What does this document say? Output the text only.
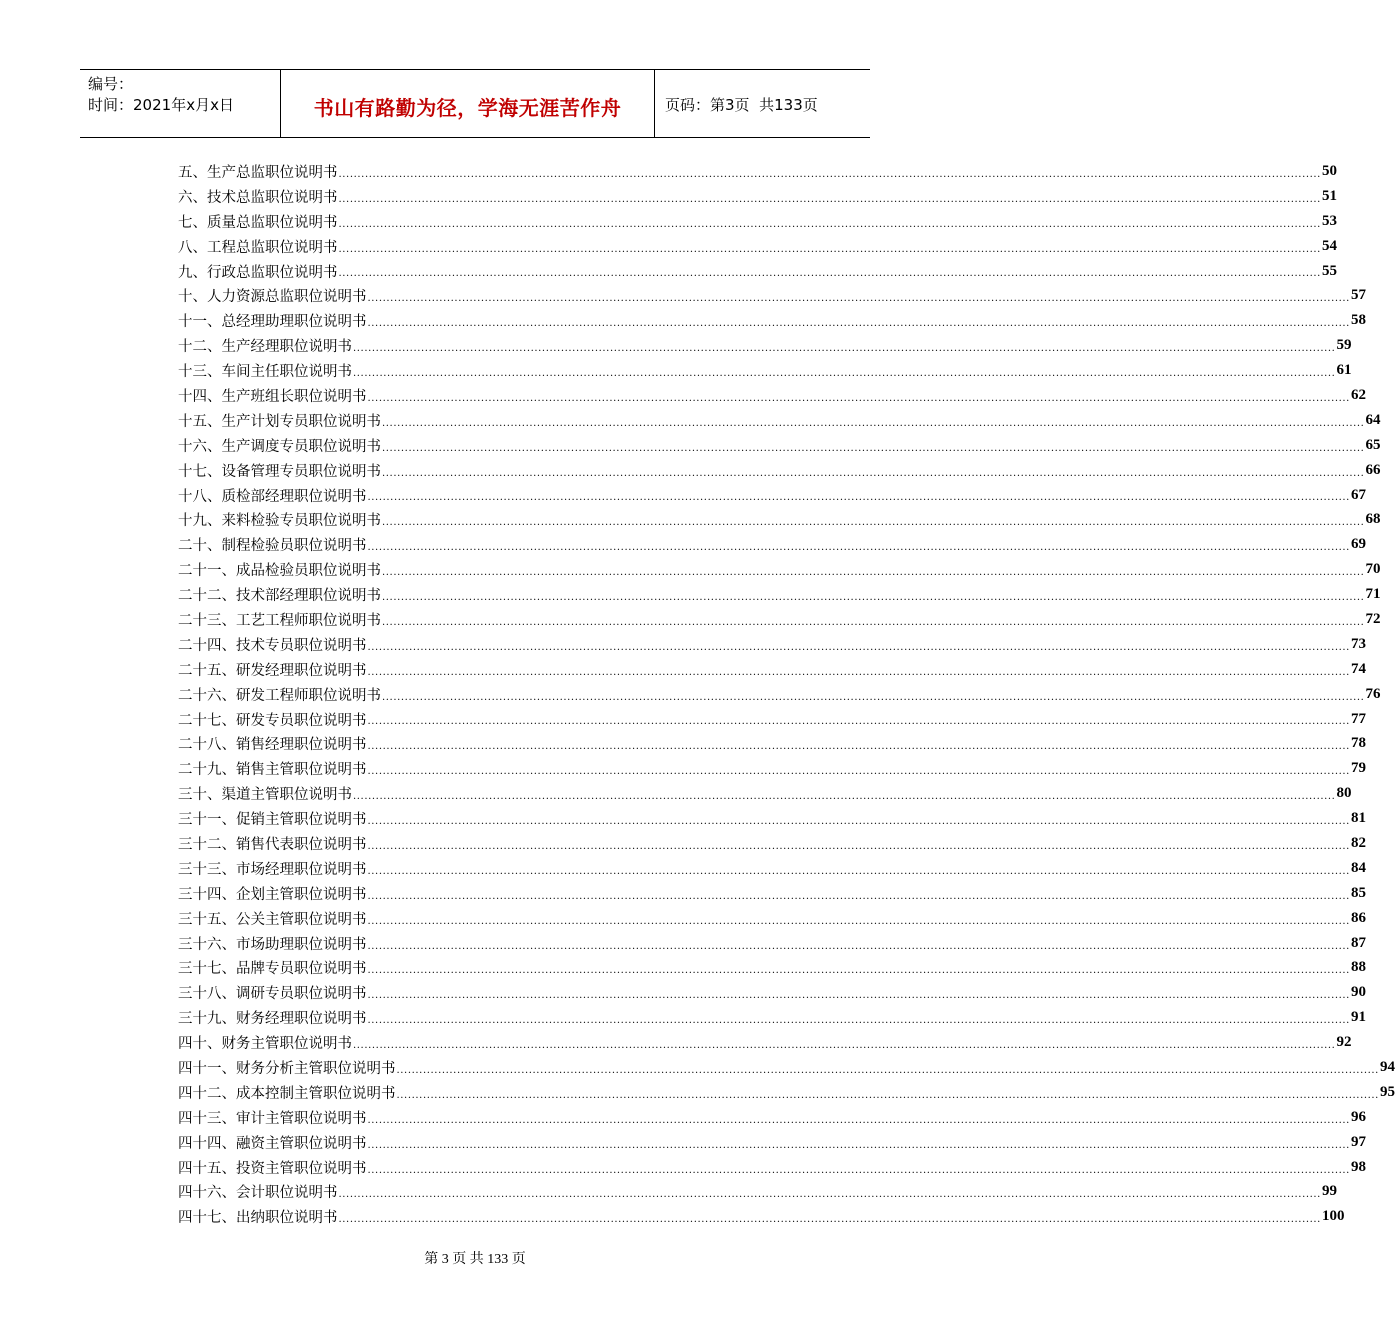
编号：
时间：2021年x月x日	书山有路勤为径，学海无涯苦作舟	页码：第3页 共133页
五、生产总监职位说明书 .................................................................................................................................................................................................................................................................... 50
六、技术总监职位说明书 .................................................................................................................................................................................................................................................................... 51
七、质量总监职位说明书 .................................................................................................................................................................................................................................................................... 53
八、工程总监职位说明书 .................................................................................................................................................................................................................................................................... 54
九、行政总监职位说明书 .................................................................................................................................................................................................................................................................... 55
十、人力资源总监职位说明书 .................................................................................................................................................................................................................................................................... 57
十一、总经理助理职位说明书 .................................................................................................................................................................................................................................................................... 58
十二、生产经理职位说明书 .................................................................................................................................................................................................................................................................... 59
十三、车间主任职位说明书 .................................................................................................................................................................................................................................................................... 61
十四、生产班组长职位说明书 .................................................................................................................................................................................................................................................................... 62
十五、生产计划专员职位说明书 .................................................................................................................................................................................................................................................................... 64
十六、生产调度专员职位说明书 .................................................................................................................................................................................................................................................................... 65
十七、设备管理专员职位说明书 .................................................................................................................................................................................................................................................................... 66
十八、质检部经理职位说明书 .................................................................................................................................................................................................................................................................... 67
十九、来料检验专员职位说明书 .................................................................................................................................................................................................................................................................... 68
二十、制程检验员职位说明书 .................................................................................................................................................................................................................................................................... 69
二十一、成品检验员职位说明书 .................................................................................................................................................................................................................................................................... 70
二十二、技术部经理职位说明书 .................................................................................................................................................................................................................................................................... 71
二十三、工艺工程师职位说明书 .................................................................................................................................................................................................................................................................... 72
二十四、技术专员职位说明书 .................................................................................................................................................................................................................................................................... 73
二十五、研发经理职位说明书 .................................................................................................................................................................................................................................................................... 74
二十六、研发工程师职位说明书 .................................................................................................................................................................................................................................................................... 76
二十七、研发专员职位说明书 .................................................................................................................................................................................................................................................................... 77
二十八、销售经理职位说明书 .................................................................................................................................................................................................................................................................... 78
二十九、销售主管职位说明书 .................................................................................................................................................................................................................................................................... 79
三十、渠道主管职位说明书 .................................................................................................................................................................................................................................................................... 80
三十一、促销主管职位说明书 .................................................................................................................................................................................................................................................................... 81
三十二、销售代表职位说明书 .................................................................................................................................................................................................................................................................... 82
三十三、市场经理职位说明书 .................................................................................................................................................................................................................................................................... 84
三十四、企划主管职位说明书 .................................................................................................................................................................................................................................................................... 85
三十五、公关主管职位说明书 .................................................................................................................................................................................................................................................................... 86
三十六、市场助理职位说明书 .................................................................................................................................................................................................................................................................... 87
三十七、品牌专员职位说明书 .................................................................................................................................................................................................................................................................... 88
三十八、调研专员职位说明书 .................................................................................................................................................................................................................................................................... 90
三十九、财务经理职位说明书 .................................................................................................................................................................................................................................................................... 91
四十、财务主管职位说明书 .................................................................................................................................................................................................................................................................... 92
四十一、财务分析主管职位说明书 .................................................................................................................................................................................................................................................................... 94
四十二、成本控制主管职位说明书 .................................................................................................................................................................................................................................................................... 95
四十三、审计主管职位说明书 .................................................................................................................................................................................................................................................................... 96
四十四、融资主管职位说明书 .................................................................................................................................................................................................................................................................... 97
四十五、投资主管职位说明书 .................................................................................................................................................................................................................................................................... 98
四十六、会计职位说明书 .................................................................................................................................................................................................................................................................... 99
四十七、出纳职位说明书 .................................................................................................................................................................................................................................................................... 100
第 3 页 共 133 页
